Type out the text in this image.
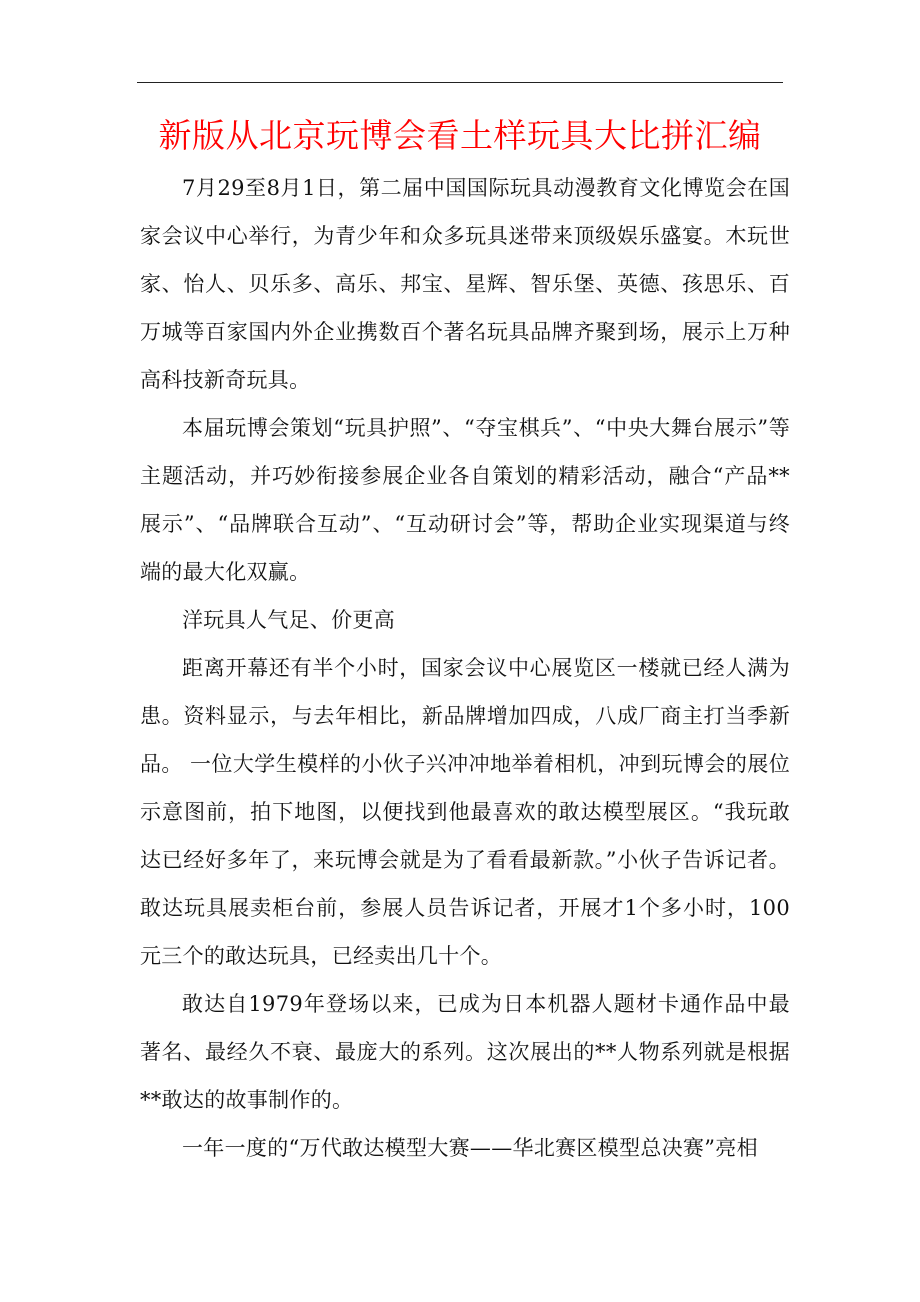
新版从北京玩博会看土样玩具大比拼汇编

7月29至8月1日，第二届中国国际玩具动漫教育文化博览会在国家会议中心举行，为青少年和众多玩具迷带来顶级娱乐盛宴。木玩世家、怡人、贝乐多、高乐、邦宝、星辉、智乐堡、英德、孩思乐、百万城等百家国内外企业携数百个著名玩具品牌齐聚到场，展示上万种高科技新奇玩具。

本届玩博会策划“玩具护照”、“夺宝棋兵”、“中央大舞台展示”等主题活动，并巧妙衔接参展企业各自策划的精彩活动，融合“产品**展示”、“品牌联合互动”、“互动研讨会”等，帮助企业实现渠道与终端的最大化双赢。

洋玩具人气足、价更高

距离开幕还有半个小时，国家会议中心展览区一楼就已经人满为患。资料显示，与去年相比，新品牌增加四成，八成厂商主打当季新品。 一位大学生模样的小伙子兴冲冲地举着相机，冲到玩博会的展位示意图前，拍下地图，以便找到他最喜欢的敢达模型展区。“我玩敢达已经好多年了，来玩博会就是为了看看最新款。”小伙子告诉记者。敢达玩具展卖柜台前，参展人员告诉记者，开展才1个多小时，100元三个的敢达玩具，已经卖出几十个。

敢达自1979年登场以来，已成为日本机器人题材卡通作品中最著名、最经久不衰、最庞大的系列。这次展出的**人物系列就是根据**敢达的故事制作的。

一年一度的“万代敢达模型大赛——华北赛区模型总决赛”亮相
